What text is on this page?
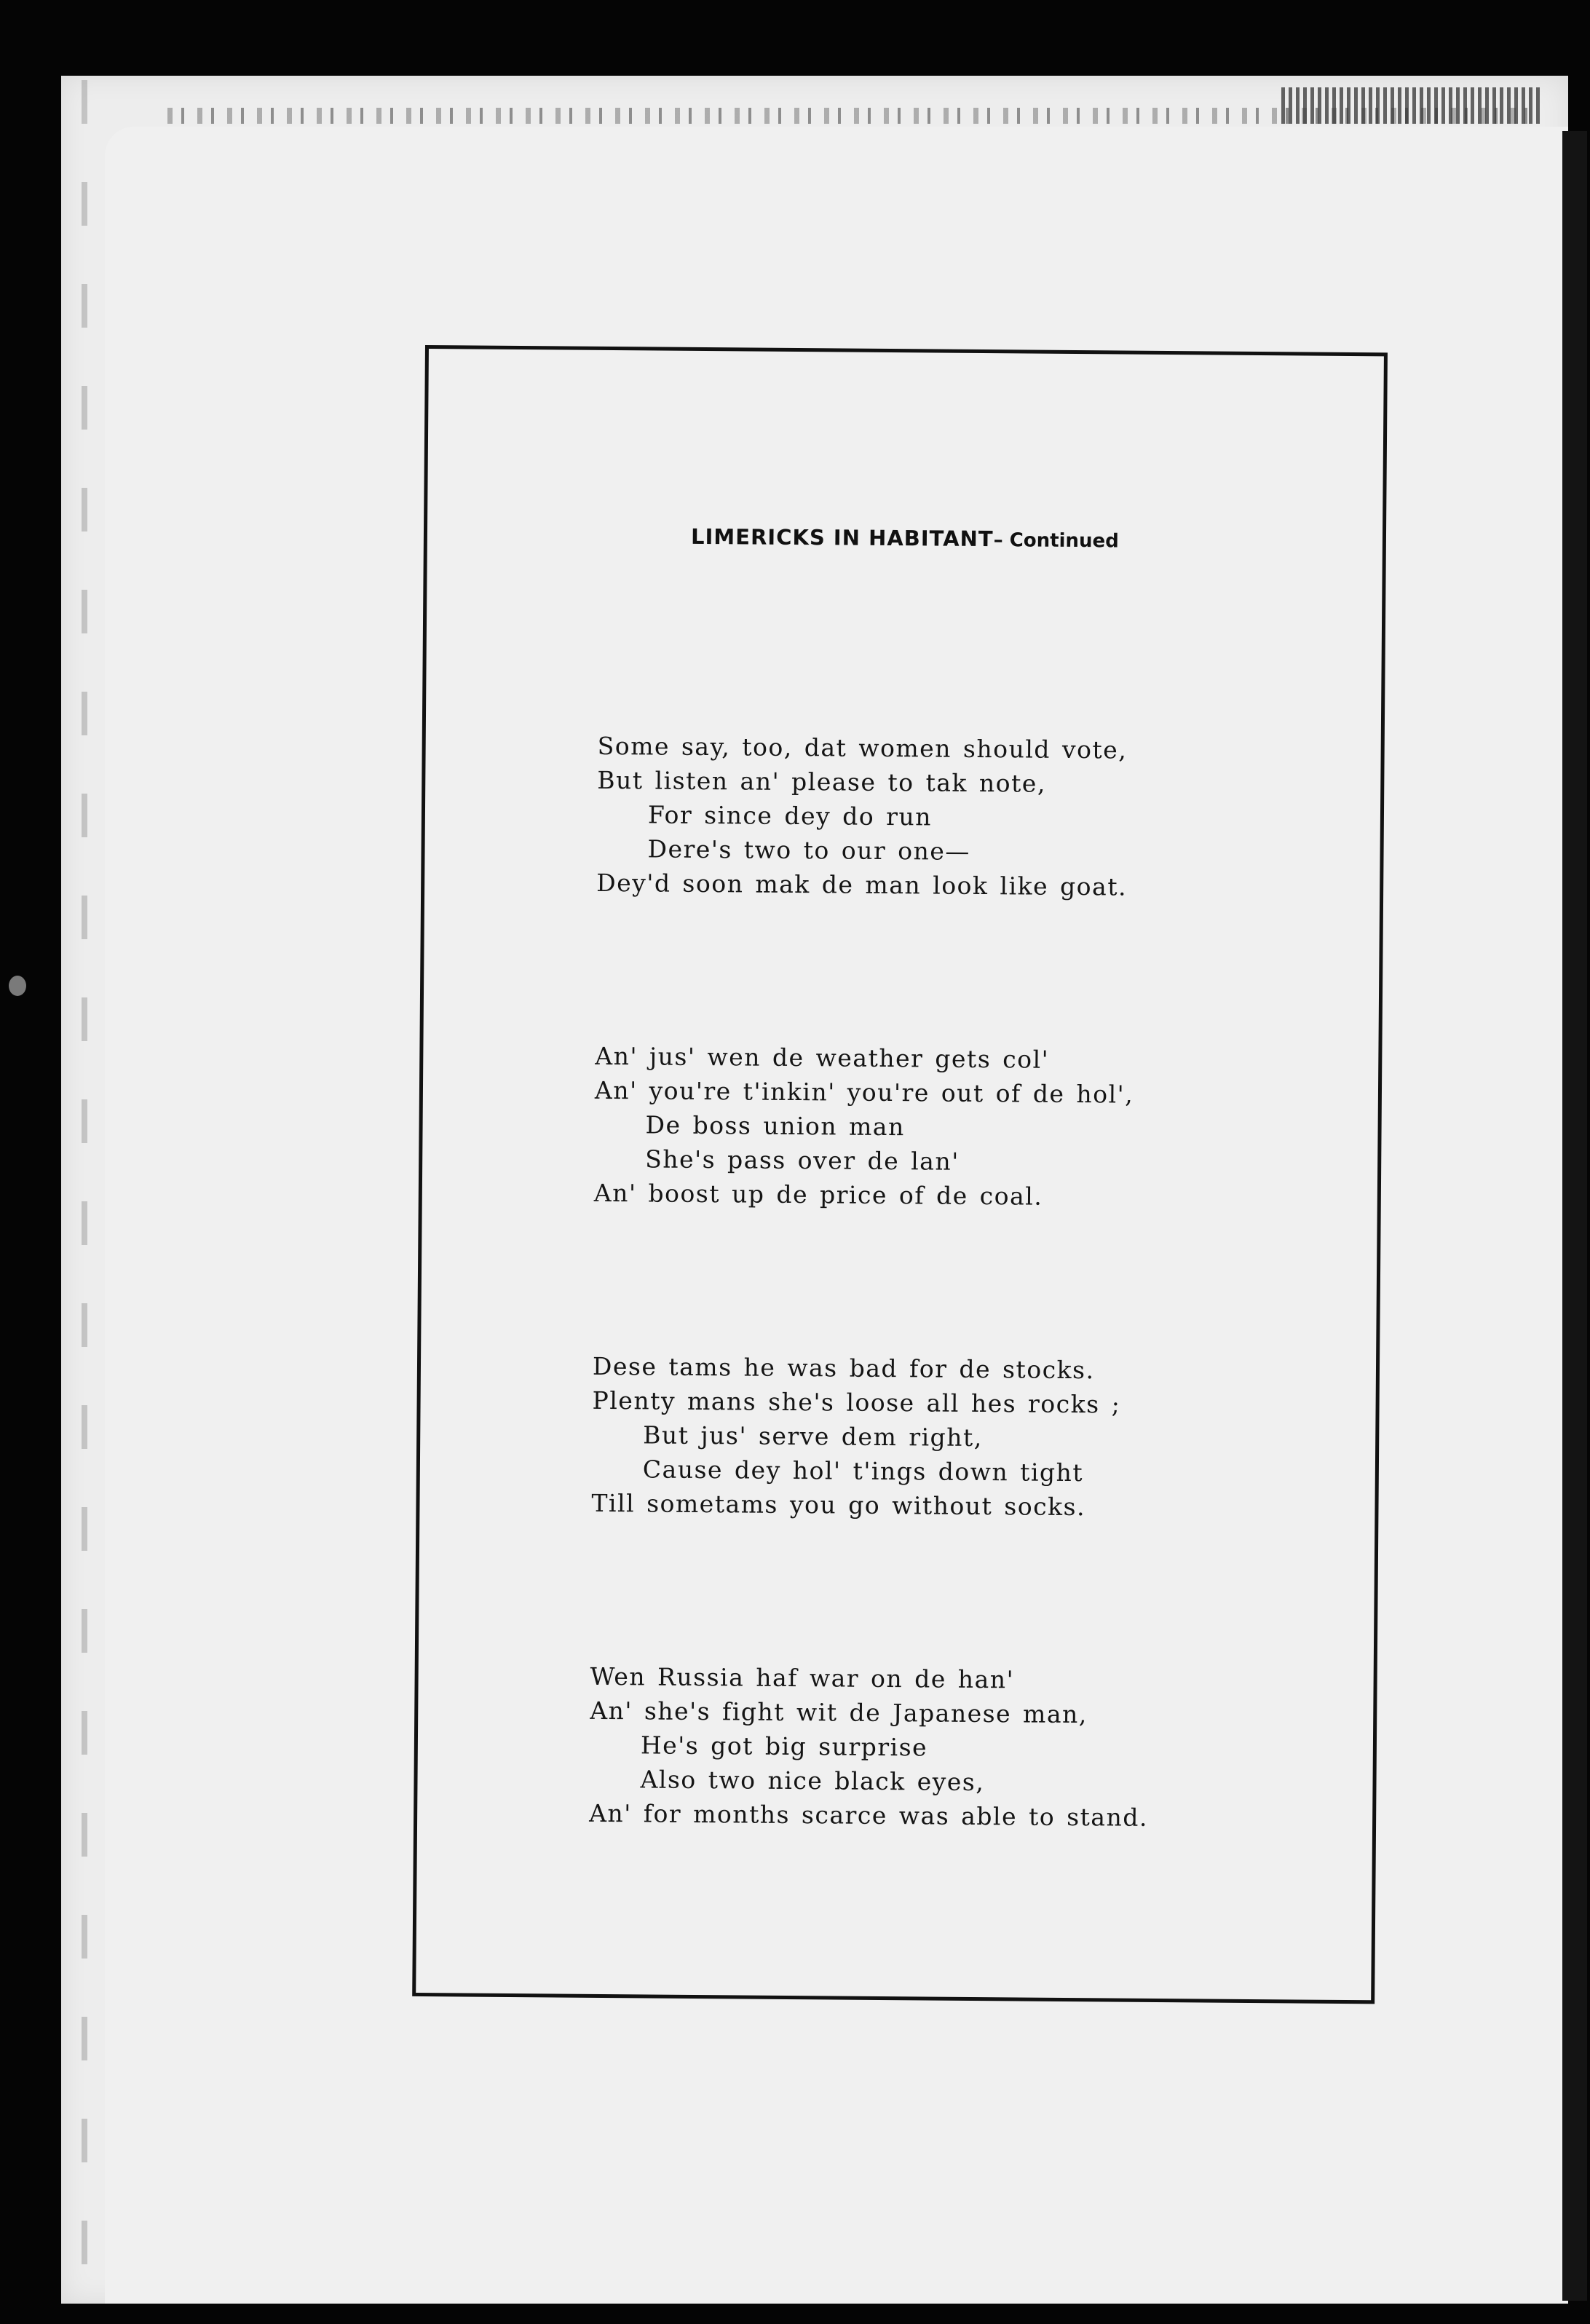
LIMERICKS IN HABITANT– Continued
Some say, too, dat women should vote,
But listen an' please to tak note,
For since dey do run
Dere's two to our one—
Dey'd soon mak de man look like goat.
An' jus' wen de weather gets col'
An' you're t'inkin' you're out of de hol',
De boss union man
She's pass over de lan'
An' boost up de price of de coal.
Dese tams he was bad for de stocks.
Plenty mans she's loose all hes rocks ;
But jus' serve dem right,
Cause dey hol' t'ings down tight
Till sometams you go without socks.
Wen Russia haf war on de han'
An' she's fight wit de Japanese man,
He's got big surprise
Also two nice black eyes,
An' for months scarce was able to stand.
